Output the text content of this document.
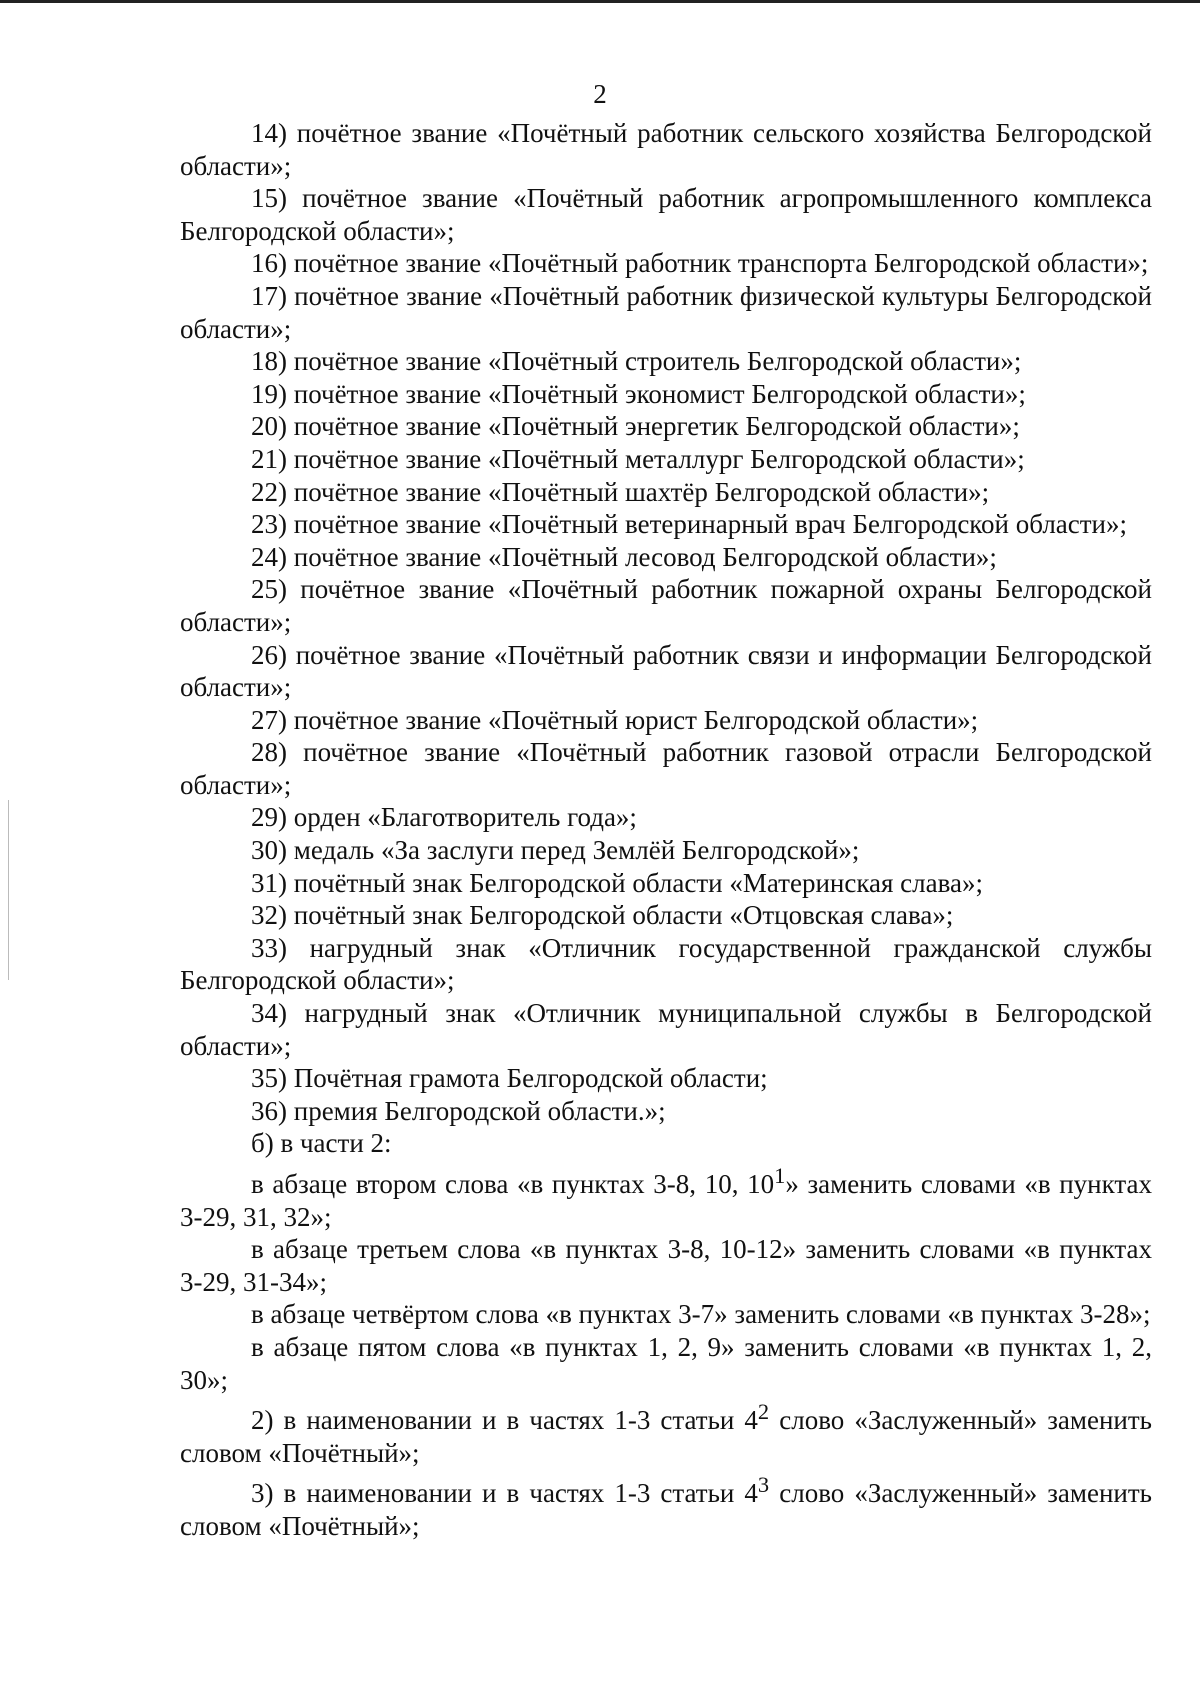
2

14) почётное звание «Почётный работник сельского хозяйства Белгородской области»;

15) почётное звание «Почётный работник агропромышленного комплекса Белгородской области»;

16) почётное звание «Почётный работник транспорта Белгородской области»;

17) почётное звание «Почётный работник физической культуры Белгородской области»;

18) почётное звание «Почётный строитель Белгородской области»;

19) почётное звание «Почётный экономист Белгородской области»;

20) почётное звание «Почётный энергетик Белгородской области»;

21) почётное звание «Почётный металлург Белгородской области»;

22) почётное звание «Почётный шахтёр Белгородской области»;

23) почётное звание «Почётный ветеринарный врач Белгородской области»;

24) почётное звание «Почётный лесовод Белгородской области»;

25) почётное звание «Почётный работник пожарной охраны Белгородской области»;

26) почётное звание «Почётный работник связи и информации Белгородской области»;

27) почётное звание «Почётный юрист Белгородской области»;

28) почётное звание «Почётный работник газовой отрасли Белгородской области»;

29) орден «Благотворитель года»;

30) медаль «За заслуги перед Землёй Белгородской»;

31) почётный знак Белгородской области «Материнская слава»;

32) почётный знак Белгородской области «Отцовская слава»;

33) нагрудный знак «Отличник государственной гражданской службы Белгородской области»;

34) нагрудный знак «Отличник муниципальной службы в Белгородской области»;

35) Почётная грамота Белгородской области;

36) премия Белгородской области.»;

б) в части 2:

в абзаце втором слова «в пунктах 3-8, 10, $10^1$» заменить словами «в пунктах 3-29, 31, 32»;

в абзаце третьем слова «в пунктах 3-8, 10-12» заменить словами «в пунктах 3-29, 31-34»;

в абзаце четвёртом слова «в пунктах 3-7» заменить словами «в пунктах 3-28»;

в абзаце пятом слова «в пунктах 1, 2, 9» заменить словами «в пунктах 1, 2, 30»;

2) в наименовании и в частях 1-3 статьи $4^2$ слово «Заслуженный» заменить словом «Почётный»;

3) в наименовании и в частях 1-3 статьи $4^3$ слово «Заслуженный» заменить словом «Почётный»;
